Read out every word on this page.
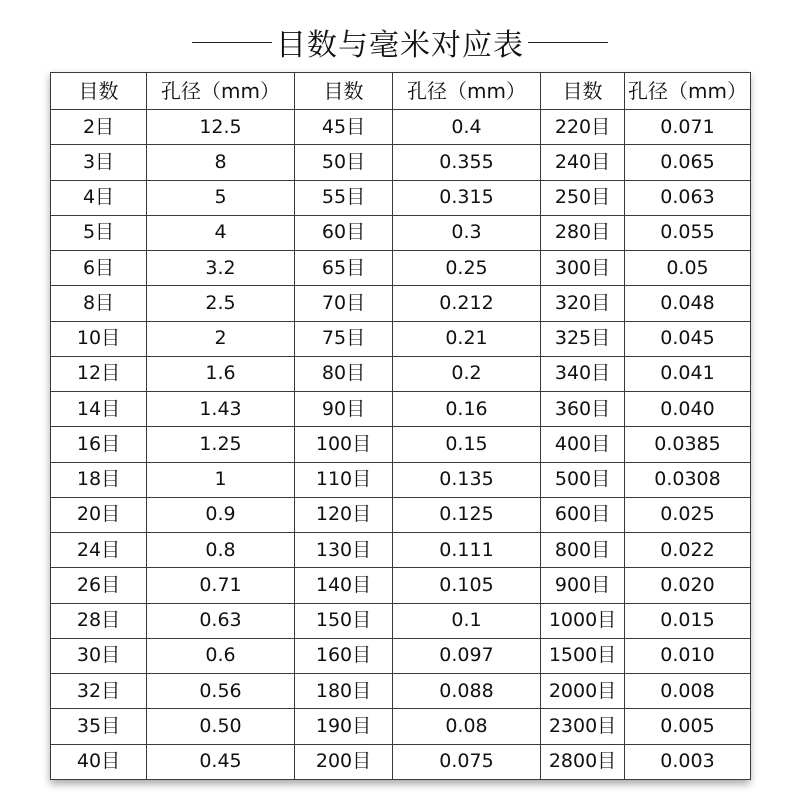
目数与毫米对应表
目数	孔径（mm）	目数	孔径（mm）	目数	孔径（mm）
2目	12.5	45目	0.4	220目	0.071
3目	8	50目	0.355	240目	0.065
4目	5	55目	0.315	250目	0.063
5目	4	60目	0.3	280目	0.055
6目	3.2	65目	0.25	300目	0.05
8目	2.5	70目	0.212	320目	0.048
10目	2	75目	0.21	325目	0.045
12目	1.6	80目	0.2	340目	0.041
14目	1.43	90目	0.16	360目	0.040
16目	1.25	100目	0.15	400目	0.0385
18目	1	110目	0.135	500目	0.0308
20目	0.9	120目	0.125	600目	0.025
24目	0.8	130目	0.111	800目	0.022
26目	0.71	140目	0.105	900目	0.020
28目	0.63	150目	0.1	1000目	0.015
30目	0.6	160目	0.097	1500目	0.010
32目	0.56	180目	0.088	2000目	0.008
35目	0.50	190目	0.08	2300目	0.005
40目	0.45	200目	0.075	2800目	0.003
